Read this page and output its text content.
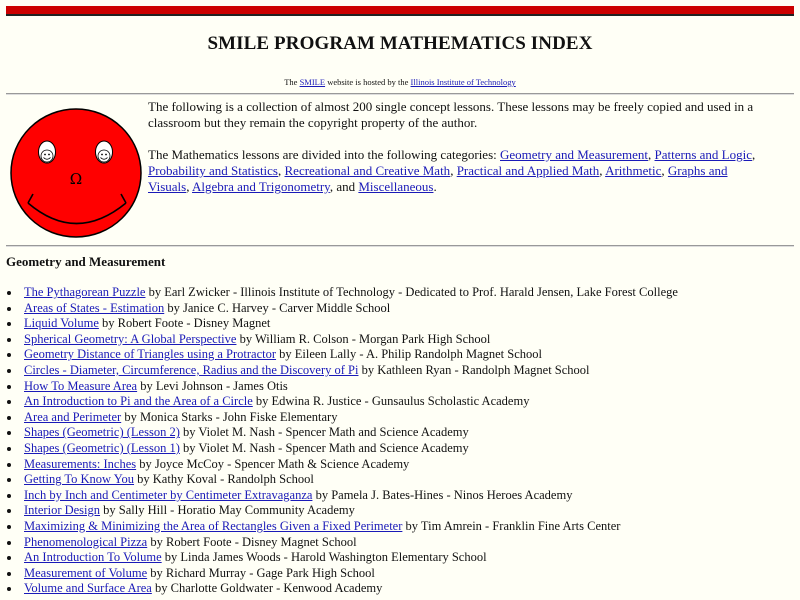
SMILE PROGRAM MATHEMATICS INDEX
The SMILE website is hosted by the Illinois Institute of Technology
Ω

The following is a collection of almost 200 single concept lessons. These lessons may be freely copied and used in a classroom but they remain the copyright property of the author.

The Mathematics lessons are divided into the following categories: Geometry and Measurement, Patterns and Logic, Probability and Statistics, Recreational and Creative Math, Practical and Applied Math, Arithmetic, Graphs and Visuals, Algebra and Trigonometry, and Miscellaneous.

Geometry and Measurement
The Pythagorean Puzzle by Earl Zwicker - Illinois Institute of Technology - Dedicated to Prof. Harald Jensen, Lake Forest College
Areas of States - Estimation by Janice C. Harvey - Carver Middle School
Liquid Volume by Robert Foote - Disney Magnet
Spherical Geometry: A Global Perspective by William R. Colson - Morgan Park High School
Geometry Distance of Triangles using a Protractor by Eileen Lally - A. Philip Randolph Magnet School
Circles - Diameter, Circumference, Radius and the Discovery of Pi by Kathleen Ryan - Randolph Magnet School
How To Measure Area by Levi Johnson - James Otis
An Introduction to Pi and the Area of a Circle by Edwina R. Justice - Gunsaulus Scholastic Academy
Area and Perimeter by Monica Starks - John Fiske Elementary
Shapes (Geometric) (Lesson 2) by Violet M. Nash - Spencer Math and Science Academy
Shapes (Geometric) (Lesson 1) by Violet M. Nash - Spencer Math and Science Academy
Measurements: Inches by Joyce McCoy - Spencer Math & Science Academy
Getting To Know You by Kathy Koval - Randolph School
Inch by Inch and Centimeter by Centimeter Extravaganza by Pamela J. Bates-Hines - Ninos Heroes Academy
Interior Design by Sally Hill - Horatio May Community Academy
Maximizing & Minimizing the Area of Rectangles Given a Fixed Perimeter by Tim Amrein - Franklin Fine Arts Center
Phenomenological Pizza by Robert Foote - Disney Magnet School
An Introduction To Volume by Linda James Woods - Harold Washington Elementary School
Measurement of Volume by Richard Murray - Gage Park High School
Volume and Surface Area by Charlotte Goldwater - Kenwood Academy
